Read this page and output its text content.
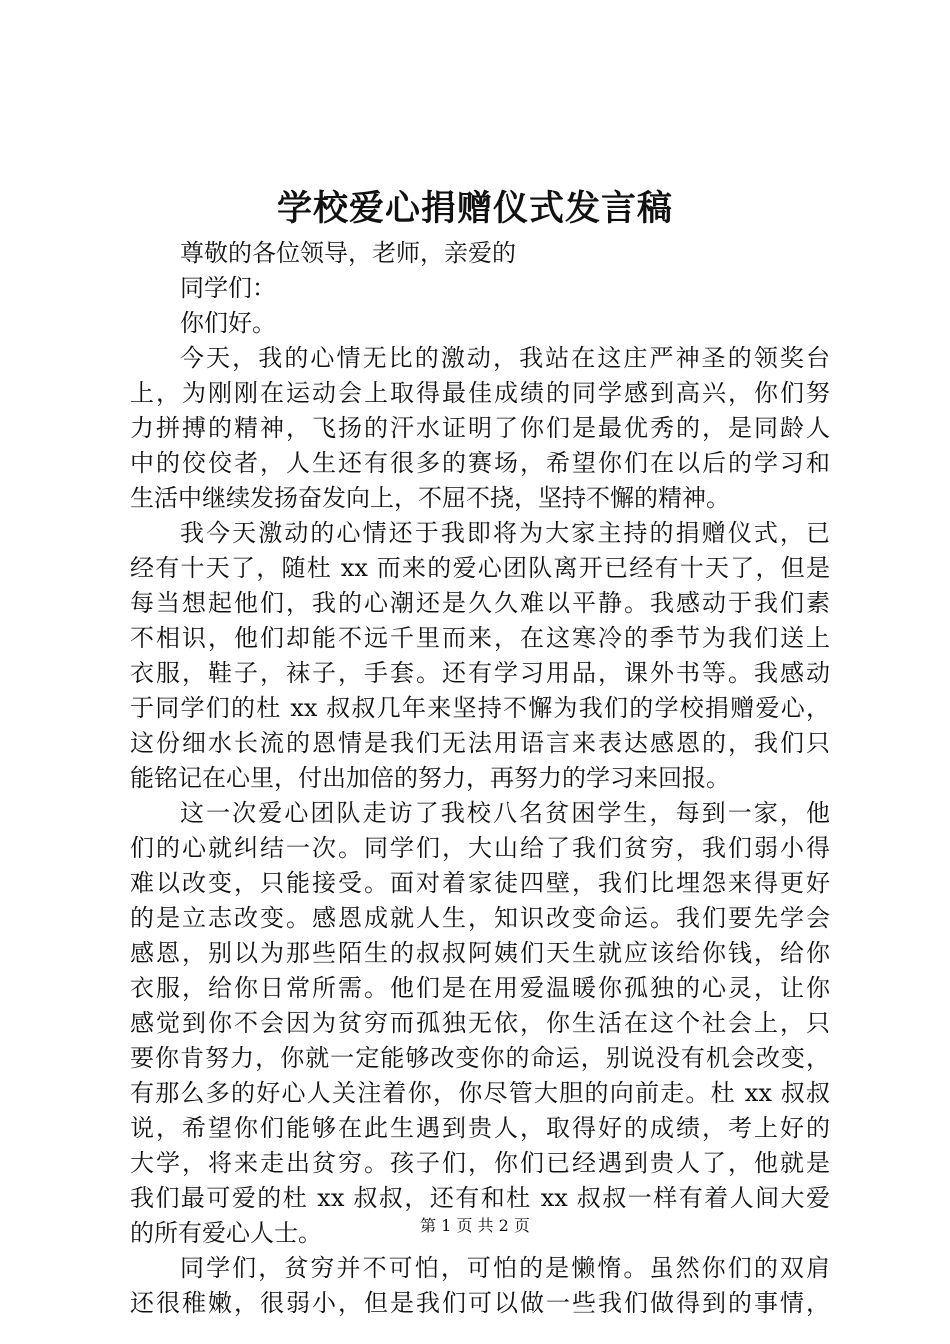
学校爱心捐赠仪式发言稿
尊敬的各位领导，老师，亲爱的
同学们：
你们好。
今天，我的心情无比的激动，我站在这庄严神圣的领奖台
上，为刚刚在运动会上取得最佳成绩的同学感到高兴，你们努
力拼搏的精神，飞扬的汗水证明了你们是最优秀的，是同龄人
中的佼佼者，人生还有很多的赛场，希望你们在以后的学习和
生活中继续发扬奋发向上，不屈不挠，坚持不懈的精神。
我今天激动的心情还于我即将为大家主持的捐赠仪式，已
经有十天了，随杜 xx 而来的爱心团队离开已经有十天了，但是
每当想起他们，我的心潮还是久久难以平静。我感动于我们素
不相识，他们却能不远千里而来，在这寒冷的季节为我们送上
衣服，鞋子，袜子，手套。还有学习用品，课外书等。我感动
于同学们的杜 xx 叔叔几年来坚持不懈为我们的学校捐赠爱心，
这份细水长流的恩情是我们无法用语言来表达感恩的，我们只
能铭记在心里，付出加倍的努力，再努力的学习来回报。
这一次爱心团队走访了我校八名贫困学生，每到一家，他
们的心就纠结一次。同学们，大山给了我们贫穷，我们弱小得
难以改变，只能接受。面对着家徒四壁，我们比埋怨来得更好
的是立志改变。感恩成就人生，知识改变命运。我们要先学会
感恩，别以为那些陌生的叔叔阿姨们天生就应该给你钱，给你
衣服，给你日常所需。他们是在用爱温暖你孤独的心灵，让你
感觉到你不会因为贫穷而孤独无依，你生活在这个社会上，只
要你肯努力，你就一定能够改变你的命运，别说没有机会改变，
有那么多的好心人关注着你，你尽管大胆的向前走。杜 xx 叔叔
说，希望你们能够在此生遇到贵人，取得好的成绩，考上好的
大学，将来走出贫穷。孩子们，你们已经遇到贵人了，他就是
我们最可爱的杜 xx 叔叔，还有和杜 xx 叔叔一样有着人间大爱
的所有爱心人士。
同学们，贫穷并不可怕，可怕的是懒惰。虽然你们的双肩
还很稚嫩，很弱小，但是我们可以做一些我们做得到的事情，
第 1 页 共 2 页
